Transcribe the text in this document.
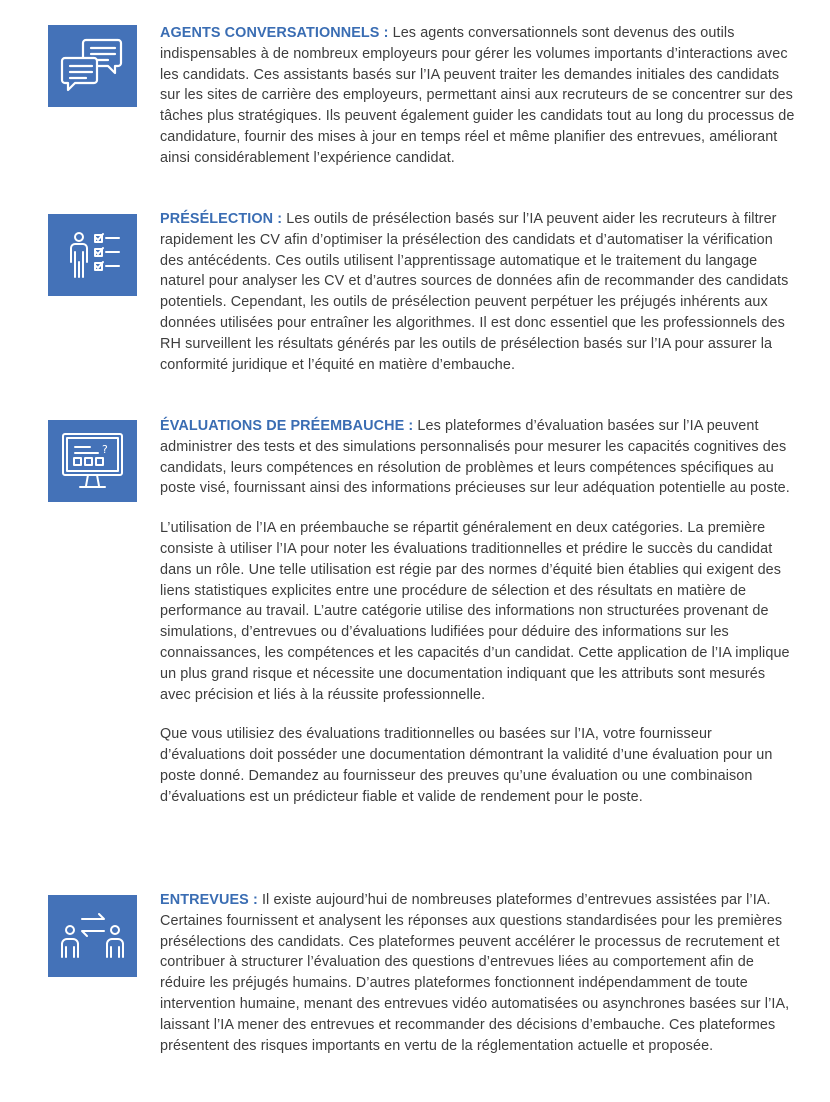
AGENTS CONVERSATIONNELS : Les agents conversationnels sont devenus des outils indispensables à de nombreux employeurs pour gérer les volumes importants d’interactions avec les candidats. Ces assistants basés sur l’IA peuvent traiter les demandes initiales des candidats sur les sites de carrière des employeurs, permettant ainsi aux recruteurs de se concentrer sur des tâches plus stratégiques. Ils peuvent également guider les candidats tout au long du processus de candidature, fournir des mises à jour en temps réel et même planifier des entrevues, améliorant ainsi considérablement l’expérience candidat.

PRÉSÉLECTION : Les outils de présélection basés sur l’IA peuvent aider les recruteurs à filtrer rapidement les CV afin d’optimiser la présélection des candidats et d’automatiser la vérification des antécédents. Ces outils utilisent l’apprentissage automatique et le traitement du langage naturel pour analyser les CV et d’autres sources de données afin de recommander des candidats potentiels. Cependant, les outils de présélection peuvent perpétuer les préjugés inhérents aux données utilisées pour entraîner les algorithmes. Il est donc essentiel que les professionnels des RH surveillent les résultats générés par les outils de présélection basés sur l’IA pour assurer la conformité juridique et l’équité en matière d’embauche.

?

ÉVALUATIONS DE PRÉEMBAUCHE : Les plateformes d’évaluation basées sur l’IA peuvent administrer des tests et des simulations personnalisés pour mesurer les capacités cognitives des candidats, leurs compétences en résolution de problèmes et leurs compétences spécifiques au poste visé, fournissant ainsi des informations précieuses sur leur adéquation potentielle au poste.

L’utilisation de l’IA en préembauche se répartit généralement en deux catégories. La première consiste à utiliser l’IA pour noter les évaluations traditionnelles et prédire le succès du candidat dans un rôle. Une telle utilisation est régie par des normes d’équité bien établies qui exigent des liens statistiques explicites entre une procédure de sélection et des résultats en matière de performance au travail. L’autre catégorie utilise des informations non structurées provenant de simulations, d’entrevues ou d’évaluations ludifiées pour déduire des informations sur les connaissances, les compétences et les capacités d’un candidat. Cette application de l’IA implique un plus grand risque et nécessite une documentation indiquant que les attributs sont mesurés avec précision et liés à la réussite professionnelle.

Que vous utilisiez des évaluations traditionnelles ou basées sur l’IA, votre fournisseur d’évaluations doit posséder une documentation démontrant la validité d’une évaluation pour un poste donné. Demandez au fournisseur des preuves qu’une évaluation ou une combinaison d’évaluations est un prédicteur fiable et valide de rendement pour le poste.

ENTREVUES : Il existe aujourd’hui de nombreuses plateformes d’entrevues assistées par l’IA. Certaines fournissent et analysent les réponses aux questions standardisées pour les premières présélections des candidats. Ces plateformes peuvent accélérer le processus de recrutement et contribuer à structurer l’évaluation des questions d’entrevues liées au comportement afin de réduire les préjugés humains. D’autres plateformes fonctionnent indépendamment de toute intervention humaine, menant des entrevues vidéo automatisées ou asynchrones basées sur l’IA, laissant l’IA mener des entrevues et recommander des décisions d’embauche. Ces plateformes présentent des risques importants en vertu de la réglementation actuelle et proposée.
